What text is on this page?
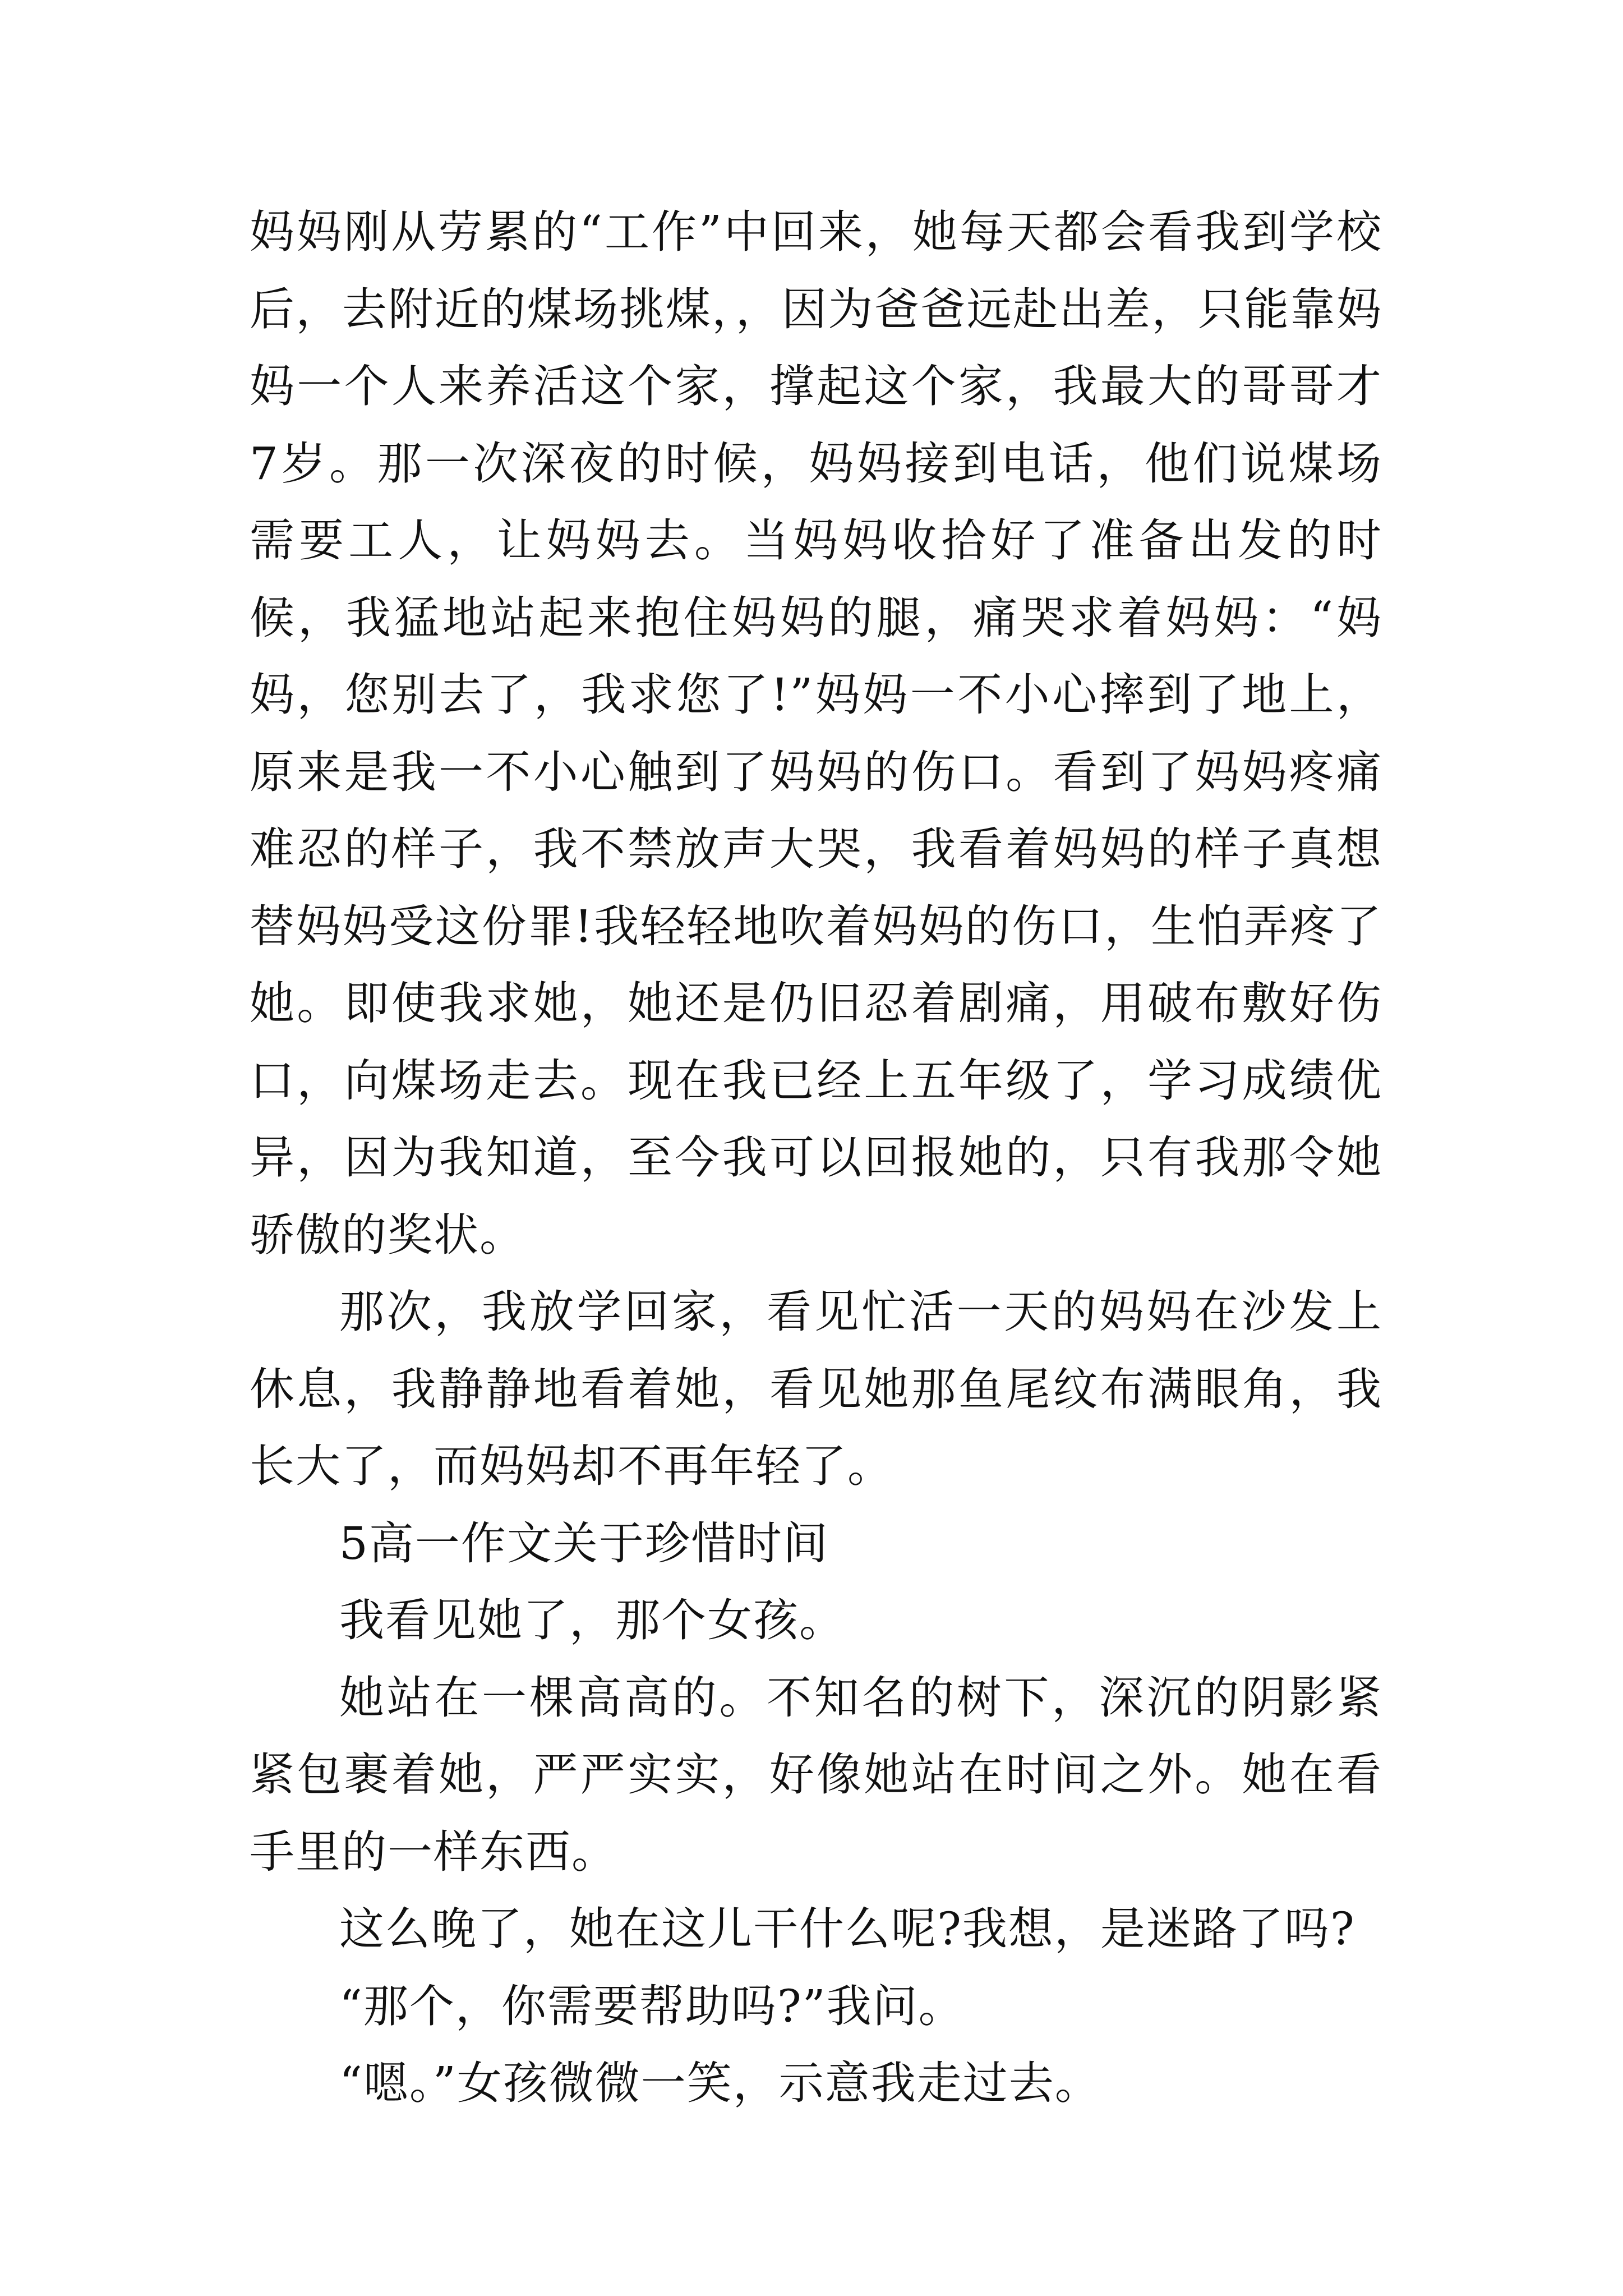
妈妈刚从劳累的“工作”中回来，她每天都会看我到学校后，去附近的煤场挑煤，，因为爸爸远赴出差，只能靠妈妈一个人来养活这个家，撑起这个家，我最大的哥哥才7岁。那一次深夜的时候，妈妈接到电话，他们说煤场需要工人，让妈妈去。当妈妈收拾好了准备出发的时候，我猛地站起来抱住妈妈的腿，痛哭求着妈妈：“妈妈，您别去了，我求您了!”妈妈一不小心摔到了地上，原来是我一不小心触到了妈妈的伤口。看到了妈妈疼痛难忍的样子，我不禁放声大哭，我看着妈妈的样子真想替妈妈受这份罪!我轻轻地吹着妈妈的伤口，生怕弄疼了她。即使我求她，她还是仍旧忍着剧痛，用破布敷好伤口，向煤场走去。现在我已经上五年级了，学习成绩优异，因为我知道，至今我可以回报她的，只有我那令她骄傲的奖状。

那次，我放学回家，看见忙活一天的妈妈在沙发上休息，我静静地看着她，看见她那鱼尾纹布满眼角，我长大了，而妈妈却不再年轻了。

5高一作文关于珍惜时间

我看见她了，那个女孩。

她站在一棵高高的。不知名的树下，深沉的阴影紧紧包裹着她，严严实实，好像她站在时间之外。她在看手里的一样东西。

这么晚了，她在这儿干什么呢?我想，是迷路了吗?

“那个，你需要帮助吗?”我问。

“嗯。”女孩微微一笑，示意我走过去。
